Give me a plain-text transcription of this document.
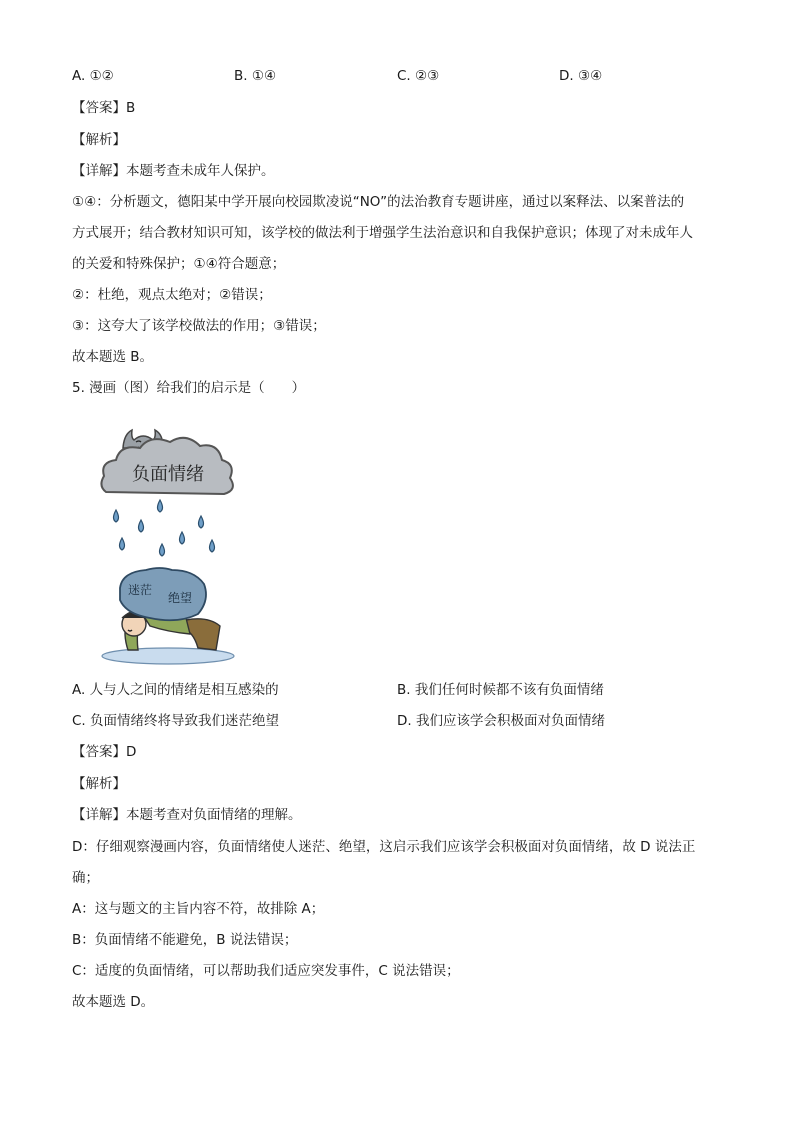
A. ①②	B. ①④	C. ②③	D. ③④
【答案】B
【解析】
【详解】本题考查未成年人保护。
①④：分析题文，德阳某中学开展向校园欺凌说“NO”的法治教育专题讲座，通过以案释法、以案普法的
方式展开；结合教材知识可知，该学校的做法利于增强学生法治意识和自我保护意识；体现了对未成年人
的关爱和特殊保护；①④符合题意；
②：杜绝，观点太绝对；②错误；
③：这夸大了该学校做法的作用；③错误；
故本题选 B。
5. 漫画（图）给我们的启示是（　　）
负面情绪
迷茫
绝望
A. 人与人之间的情绪是相互感染的	B. 我们任何时候都不该有负面情绪
C. 负面情绪终将导致我们迷茫绝望	D. 我们应该学会积极面对负面情绪
【答案】D
【解析】
【详解】本题考查对负面情绪的理解。
D：仔细观察漫画内容，负面情绪使人迷茫、绝望，这启示我们应该学会积极面对负面情绪，故 D 说法正
确；
A：这与题文的主旨内容不符，故排除 A；
B：负面情绪不能避免，B 说法错误；
C：适度的负面情绪，可以帮助我们适应突发事件，C 说法错误；
故本题选 D。
